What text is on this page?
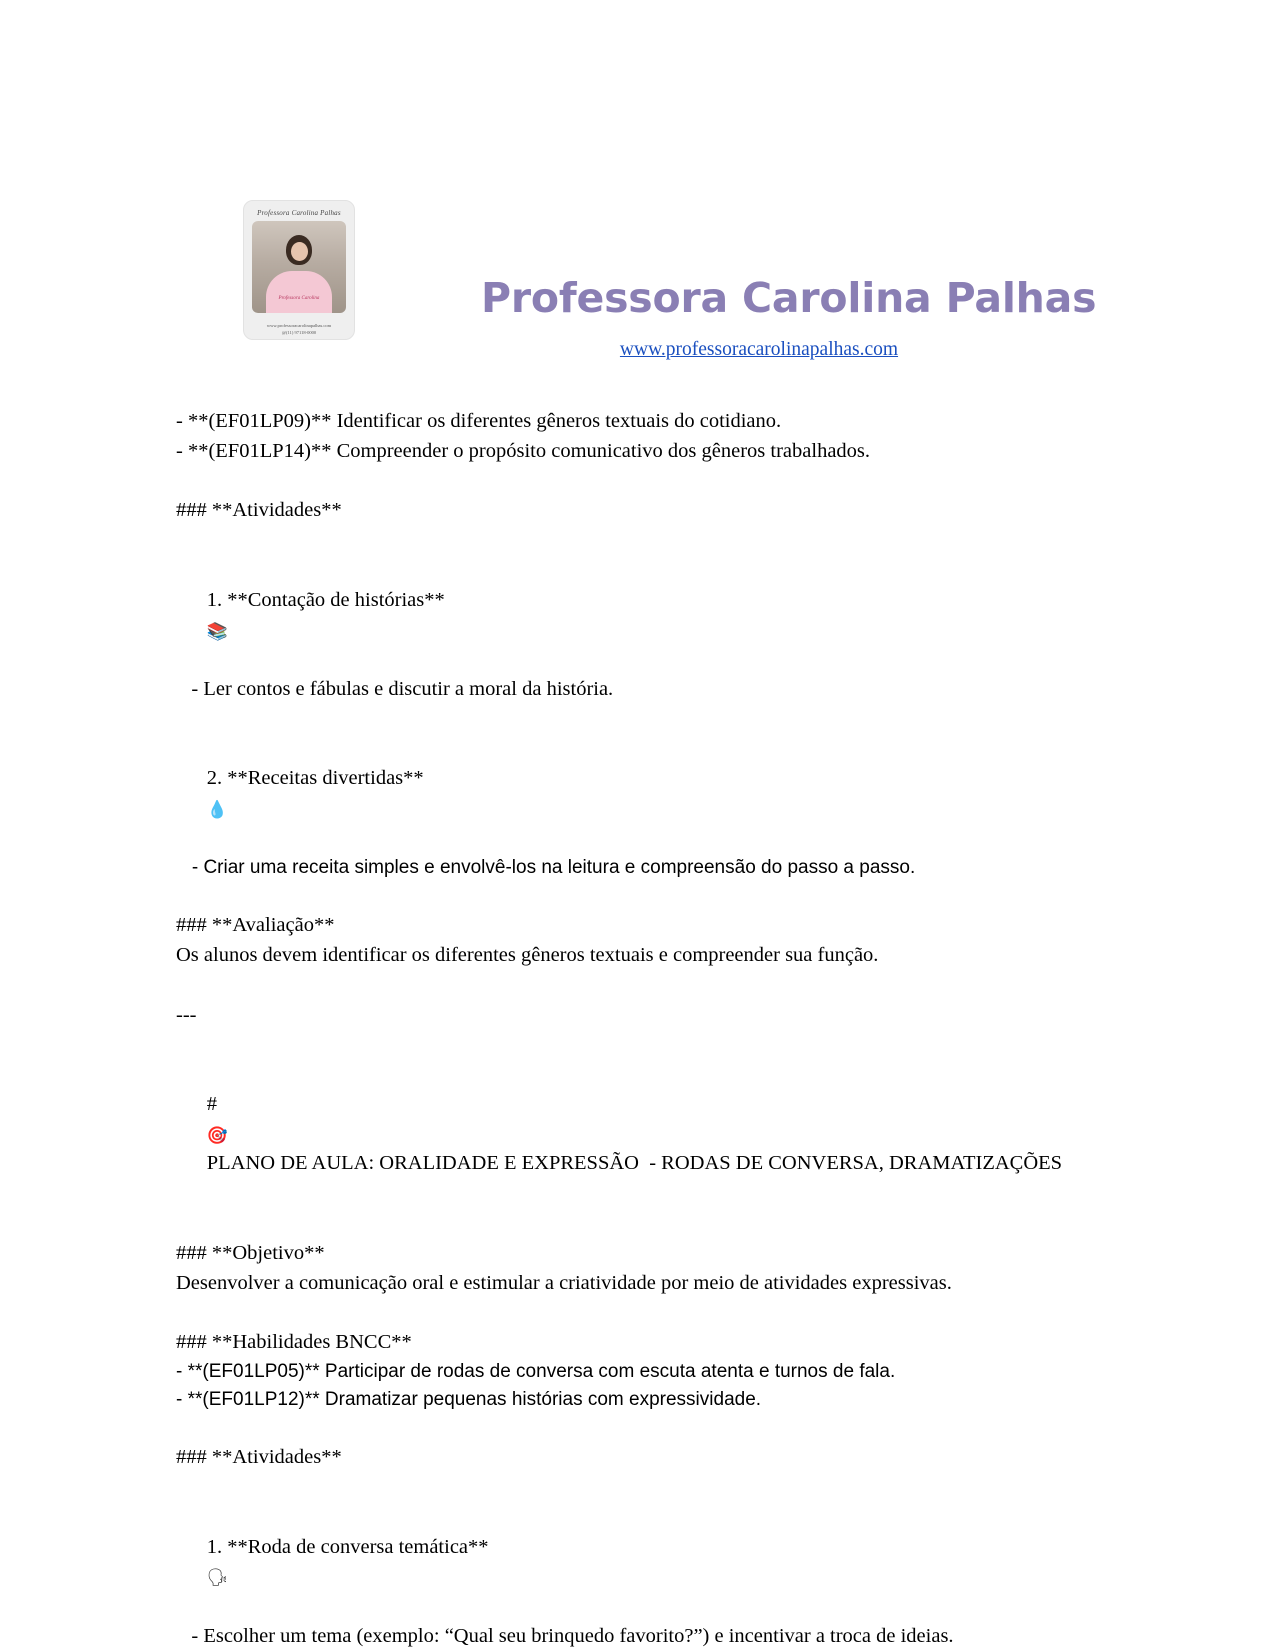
Professora Carolina Palhas
Professora Carolina
www.professoracarolinapalhas.com
@(11) 97118-0000
Professora Carolina Palhas
www.professoracarolinapalhas.com
- **(EF01LP09)** Identificar os diferentes gêneros textuais do cotidiano.
- **(EF01LP14)** Compreender o propósito comunicativo dos gêneros trabalhados.
### **Atividades**

1. **Contação de histórias**
📚

- Ler contos e fábulas e discutir a moral da história.

2. **Receitas divertidas**
💧

- Criar uma receita simples e envolvê-los na leitura e compreensão do passo a passo.
### **Avaliação**
Os alunos devem identificar os diferentes gêneros textuais e compreender sua função.
---

#
🎯
PLANO DE AULA: ORALIDADE E EXPRESSÃO  - RODAS DE CONVERSA, DRAMATIZAÇÕES

### **Objetivo**
Desenvolver a comunicação oral e estimular a criatividade por meio de atividades expressivas.
### **Habilidades BNCC**
- **(EF01LP05)** Participar de rodas de conversa com escuta atenta e turnos de fala.
- **(EF01LP12)** Dramatizar pequenas histórias com expressividade.
### **Atividades**

1. **Roda de conversa temática**
🗣

- Escolher um tema (exemplo: “Qual seu brinquedo favorito?”) e incentivar a troca de ideias.
